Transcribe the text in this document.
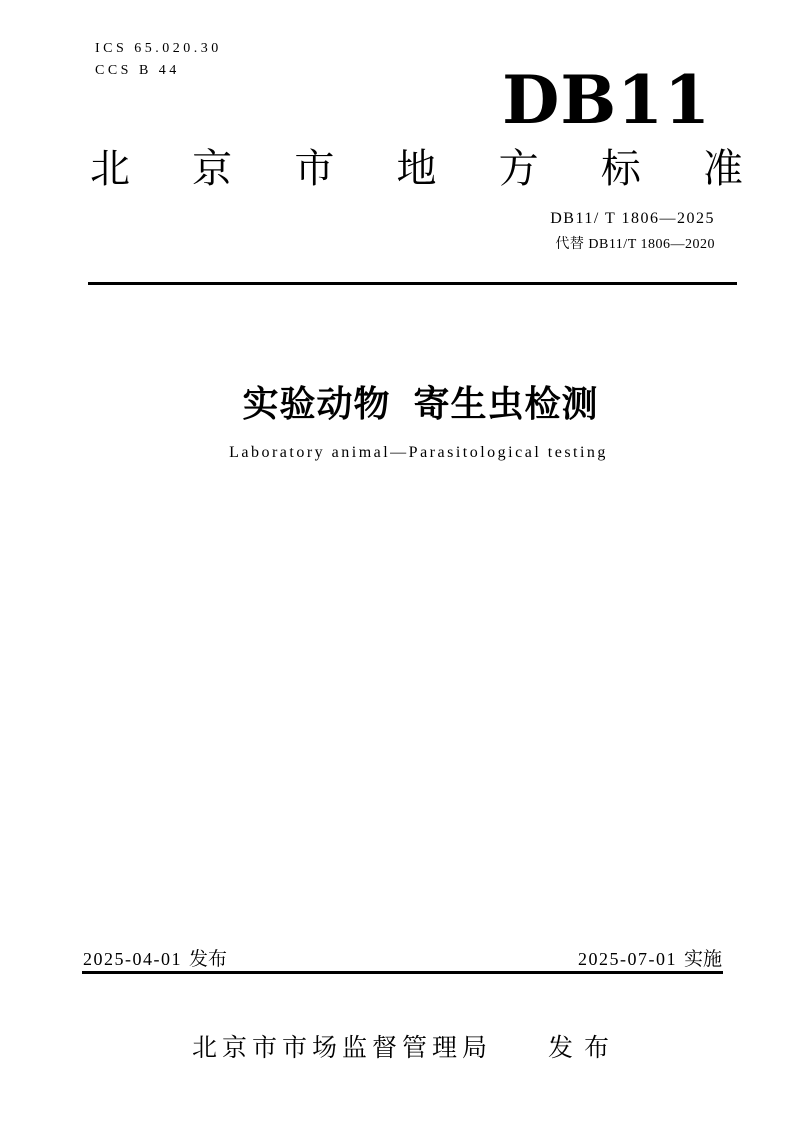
ICS 65.020.30
CCS B 44	DB11
北 京 市 地 方 标 准
DB11/ T 1806—2025
代替 DB11/T 1806—2020
实验动物 寄生虫检测
Laboratory animal—Parasitological testing
2025-04-01 发布	2025-07-01 实施
北京市市场监督管理局 发 布
